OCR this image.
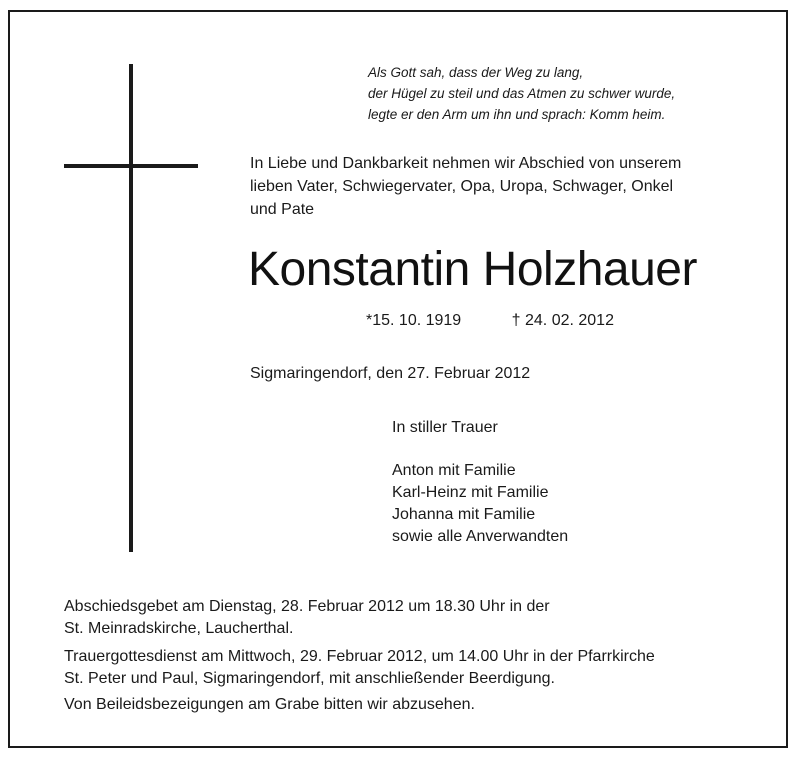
Als Gott sah, dass der Weg zu lang,
der Hügel zu steil und das Atmen zu schwer wurde,
legte er den Arm um ihn und sprach: Komm heim.
In Liebe und Dankbarkeit nehmen wir Abschied von unserem
lieben Vater, Schwiegervater, Opa, Uropa, Schwager, Onkel
und Pate
Konstantin Holzhauer
*15. 10. 1919	† 24. 02. 2012
Sigmaringendorf, den 27. Februar 2012
In stiller Trauer
Anton mit Familie
Karl-Heinz mit Familie
Johanna mit Familie
sowie alle Anverwandten

Abschiedsgebet am Dienstag, 28. Februar 2012 um 18.30 Uhr in der
St. Meinradskirche, Laucherthal.

Trauergottesdienst am Mittwoch, 29. Februar 2012, um 14.00 Uhr in der Pfarrkirche
St. Peter und Paul, Sigmaringendorf, mit anschließender Beerdigung.

Von Beileidsbezeigungen am Grabe bitten wir abzusehen.
